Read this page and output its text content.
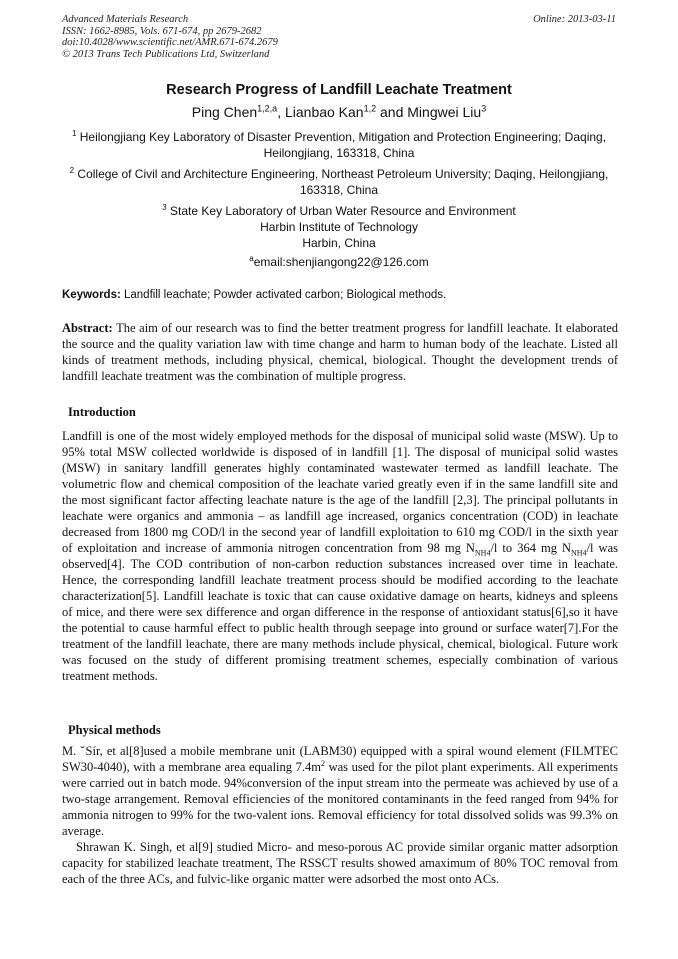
Advanced Materials Research
ISSN: 1662-8985, Vols. 671-674, pp 2679-2682
doi:10.4028/www.scientific.net/AMR.671-674.2679
© 2013 Trans Tech Publications Ltd, Switzerland
Online: 2013-03-11
Research Progress of Landfill Leachate Treatment
Ping Chen$^{1,2,a}$, Lianbao Kan$^{1,2}$ and Mingwei Liu$^3$
$^1$ Heilongjiang Key Laboratory of Disaster Prevention, Mitigation and Protection Engineering; Daqing, Heilongjiang, 163318, China
$^2$ College of Civil and Architecture Engineering, Northeast Petroleum University; Daqing, Heilongjiang, 163318, China
$^3$ State Key Laboratory of Urban Water Resource and Environment
Harbin Institute of Technology
Harbin, China
$^a$email:shenjiangong22@126.com
Keywords: Landfill leachate; Powder activated carbon; Biological methods.
Abstract: The aim of our research was to find the better treatment progress for landfill leachate. It elaborated the source and the quality variation law with time change and harm to human body of the leachate. Listed all kinds of treatment methods, including physical, chemical, biological. Thought the development trends of landfill leachate treatment was the combination of multiple progress.
Introduction
Landfill is one of the most widely employed methods for the disposal of municipal solid waste (MSW). Up to 95% total MSW collected worldwide is disposed of in landfill [1]. The disposal of municipal solid wastes (MSW) in sanitary landfill generates highly contaminated wastewater termed as landfill leachate. The volumetric flow and chemical composition of the leachate varied greatly even if in the same landfill site and the most significant factor affecting leachate nature is the age of the landfill [2,3]. The principal pollutants in leachate were organics and ammonia – as landfill age increased, organics concentration (COD) in leachate decreased from 1800 mg COD/l in the second year of landfill exploitation to 610 mg COD/l in the sixth year of exploitation and increase of ammonia nitrogen concentration from 98 mg $N_{NH4}/l$ to 364 mg $N_{NH4}/l$ was observed[4]. The COD contribution of non-carbon reduction substances increased over time in leachate. Hence, the corresponding landfill leachate treatment process should be modified according to the leachate characterization[5]. Landfill leachate is toxic that can cause oxidative damage on hearts, kidneys and spleens of mice, and there were sex difference and organ difference in the response of antioxidant status[6],so it have the potential to cause harmful effect to public health through seepage into ground or surface water[7].For the treatment of the landfill leachate, there are many methods include physical, chemical, biological. Future work was focused on the study of different promising treatment schemes, especially combination of various treatment methods.
Physical methods

M. ˇSír, et al[8]used a mobile membrane unit (LABM30) equipped with a spiral wound element (FILMTEC SW30-4040), with a membrane area equaling $7.4m^2$ was used for the pilot plant experiments. All experiments were carried out in batch mode. 94%conversion of the input stream into the permeate was achieved by use of a two-stage arrangement. Removal efficiencies of the monitored contaminants in the feed ranged from 94% for ammonia nitrogen to 99% for the two-valent ions. Removal efficiency for total dissolved solids was 99.3% on average.

Shrawan K. Singh, et al[9] studied Micro- and meso-porous AC provide similar organic matter adsorption capacity for stabilized leachate treatment, The RSSCT results showed amaximum of 80% TOC removal from each of the three ACs, and fulvic-like organic matter were adsorbed the most onto ACs.
